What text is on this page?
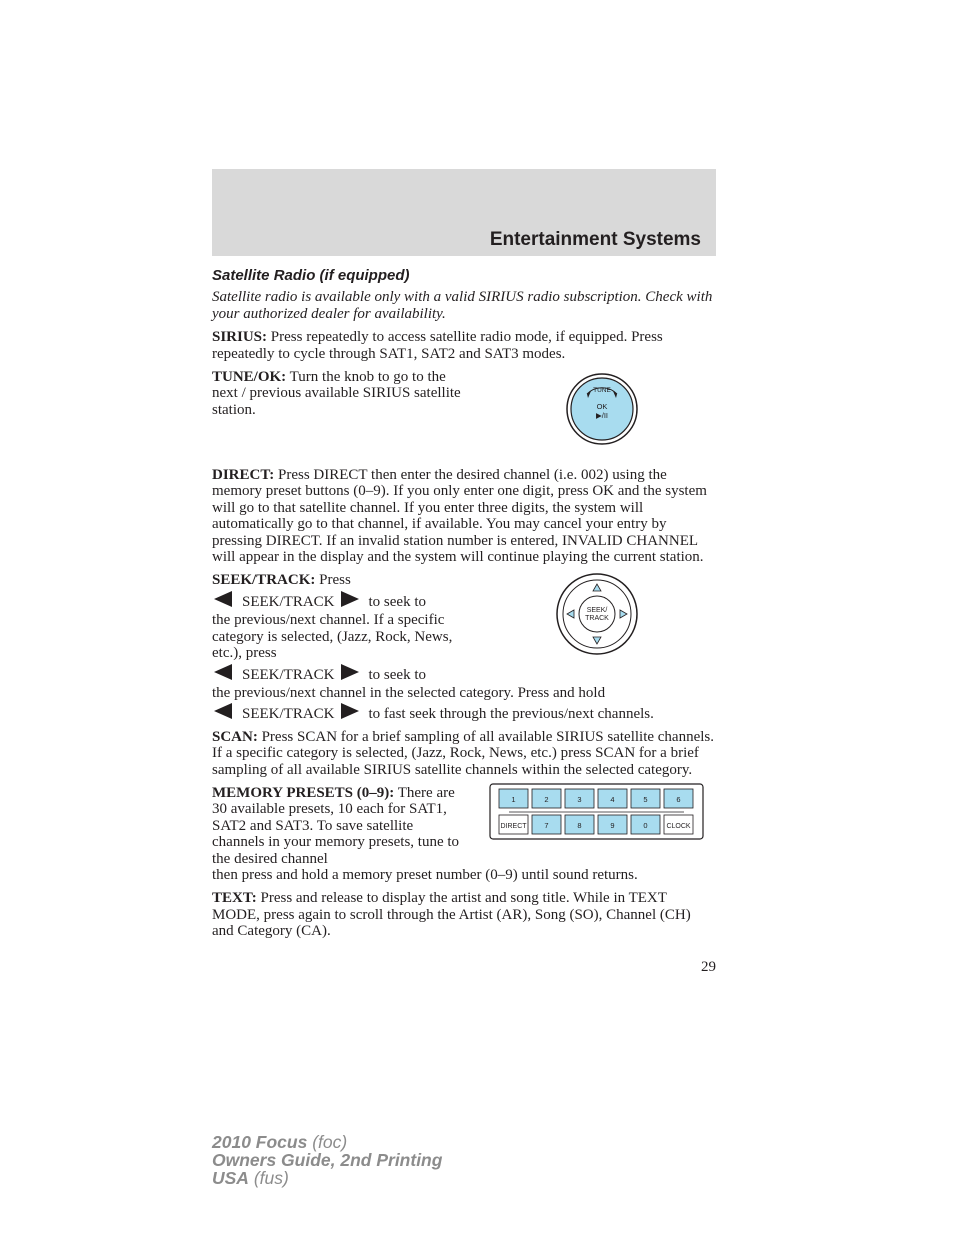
Entertainment Systems
Satellite Radio (if equipped)

Satellite radio is available only with a valid SIRIUS radio subscription. Check with your authorized dealer for availability.

SIRIUS: Press repeatedly to access satellite radio mode, if equipped. Press repeatedly to cycle through SAT1, SAT2 and SAT3 modes.

TUNE/OK: Turn the knob to go to the next / previous available SIRIUS satellite station.

TUNE
OK
▶/II

DIRECT: Press DIRECT then enter the desired channel (i.e. 002) using the memory preset buttons (0–9). If you only enter one digit, press OK and the system will go to that satellite channel. If you enter three digits, the system will automatically go to that channel, if available. You may cancel your entry by pressing DIRECT. If an invalid station number is entered, INVALID CHANNEL will appear in the display and the system will continue playing the current station.

SEEK/TRACK: Press
SEEK/TRACK to seek to
the previous/next channel. If a specific category is selected, (Jazz, Rock, News, etc.), press
SEEK/TRACK to seek to
the previous/next channel in the selected category. Press and hold
SEEK/TRACK to fast seek through the previous/next channels.
SEEK/
TRACK

SCAN: Press SCAN for a brief sampling of all available SIRIUS satellite channels. If a specific category is selected, (Jazz, Rock, News, etc.) press SCAN for a brief sampling of all available SIRIUS satellite channels within the selected category.

MEMORY PRESETS (0–9): There are 30 available presets, 10 each for SAT1, SAT2 and SAT3. To save satellite channels in your memory presets, tune to the desired channel

then press and hold a memory preset number (0–9) until sound returns.

1	2	3	4	5	6
DIRECT 7	8	9	0	CLOCK

TEXT: Press and release to display the artist and song title. While in TEXT MODE, press again to scroll through the Artist (AR), Song (SO), Channel (CH) and Category (CA).

29
2010 Focus (foc)
Owners Guide, 2nd Printing
USA (fus)
